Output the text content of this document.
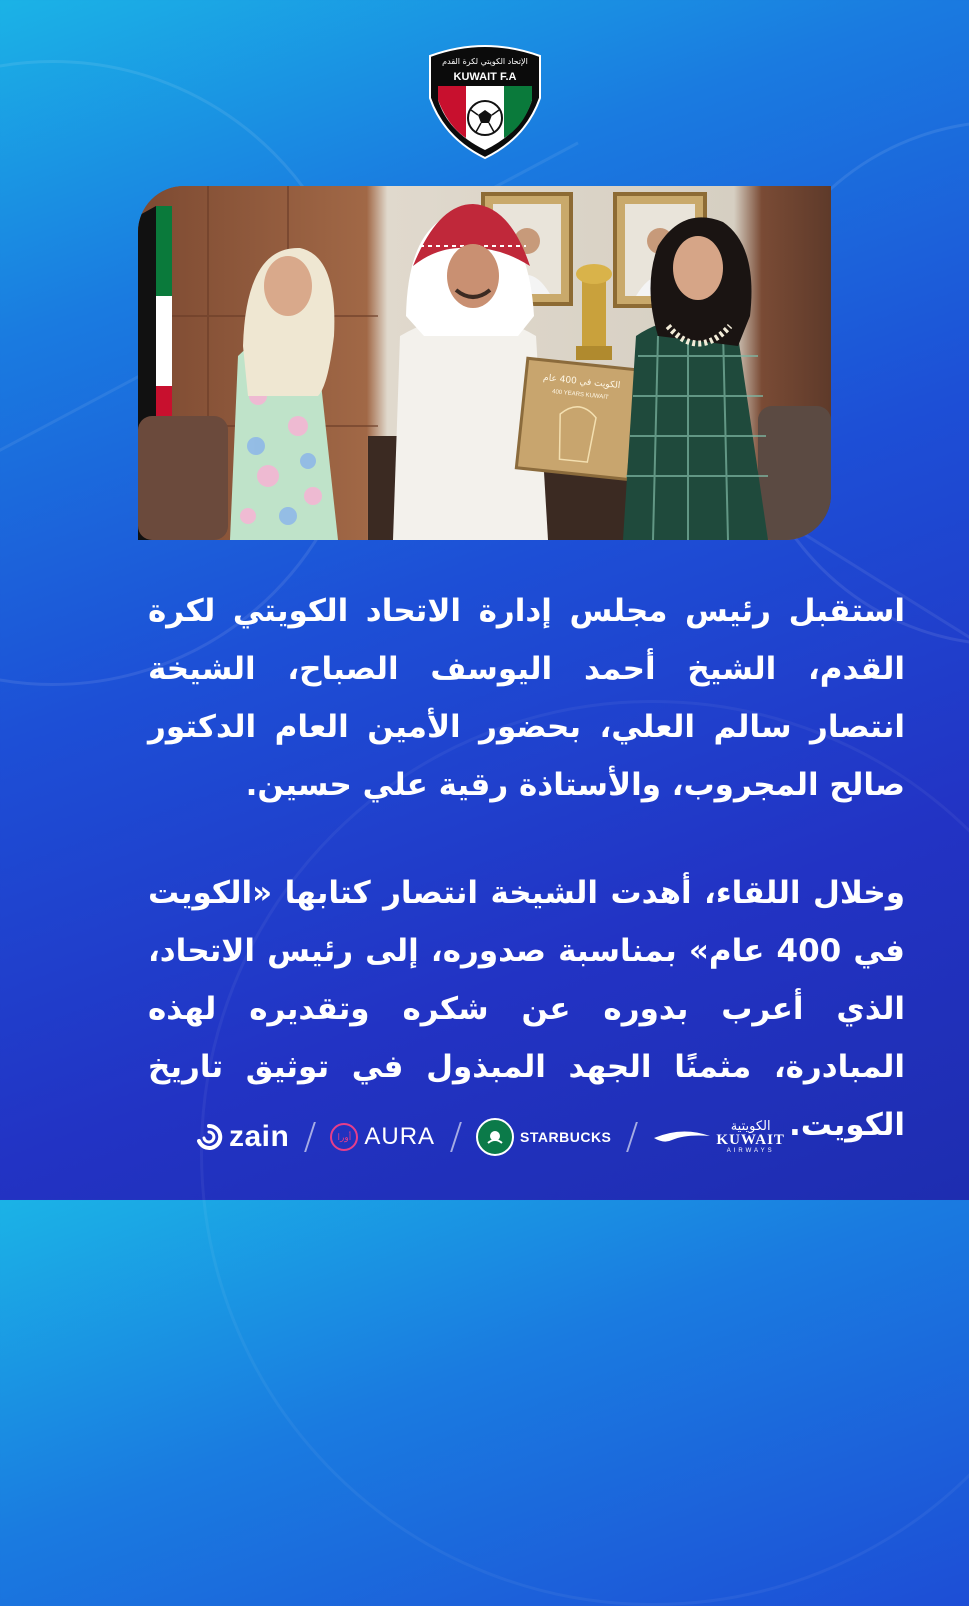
الإتحاد الكويتي لكرة القدم
KUWAIT F.A
الكويت في 400 عام
400 YEARS KUWAIT
استقبل رئيس مجلس إدارة الاتحاد الكويتي لكرة القدم، الشيخ أحمد اليوسف الصباح، الشيخة انتصار سالم العلي، بحضور الأمين العام الدكتور صالح المجروب، والأستاذة رقية علي حسين.
وخلال اللقاء، أهدت الشيخة انتصار كتابها «الكويت في 400 عام» بمناسبة صدوره، إلى رئيس الاتحاد، الذي أعرب بدوره عن شكره وتقديره لهذه المبادرة، مثمنًا الجهد المبذول في توثيق تاريخ الكويت.
zain	أورا AURA	STARBUCKS
الكويتية
KUWAIT
AIRWAYS
